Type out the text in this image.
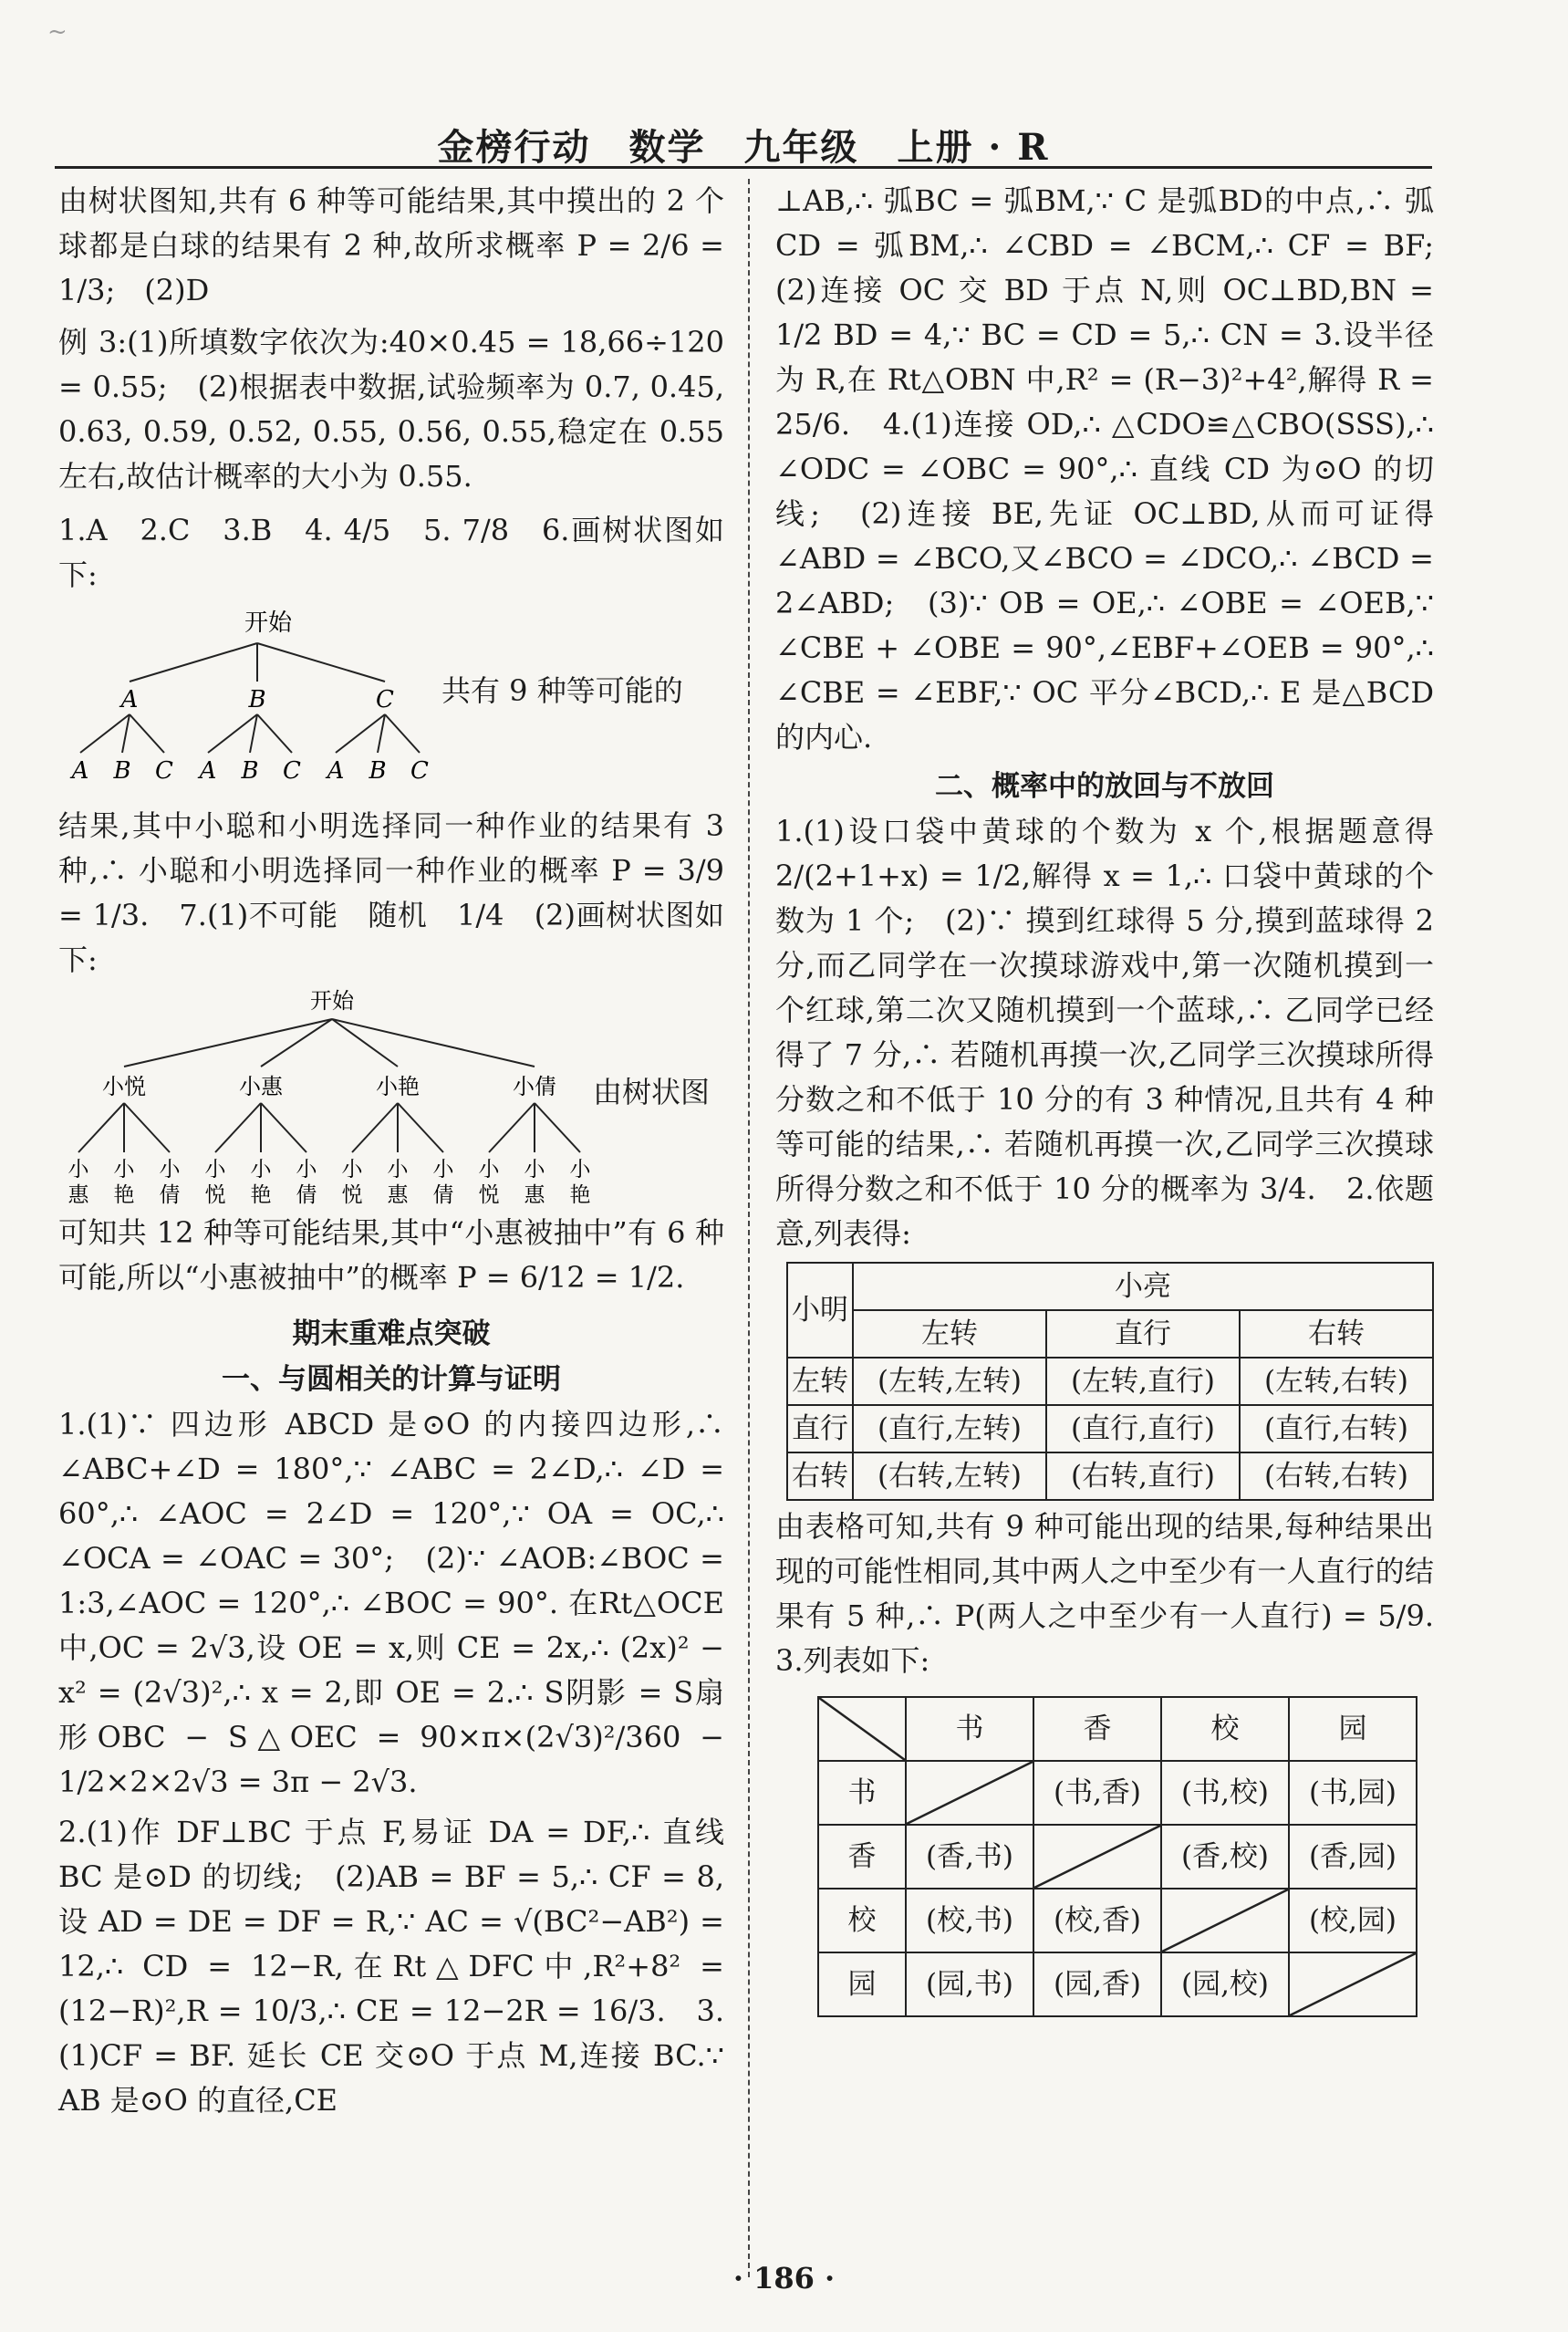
~
金榜行动　数学　九年级　上册 · R
由树状图知,共有 6 种等可能结果,其中摸出的 2 个球都是白球的结果有 2 种,故所求概率 P = 2/6 = 1/3;　(2)D
例 3:(1)所填数字依次为:40×0.45 = 18,66÷120 = 0.55;　(2)根据表中数据,试验频率为 0.7, 0.45, 0.63, 0.59, 0.52, 0.55, 0.56, 0.55,稳定在 0.55左右,故估计概率的大小为 0.55.
1.A　2.C　3.B　4. 4/5　5. 7/8　6.画树状图如下:
开始
A	B	C
A B C A B C A B C
共有 9 种等可能的
结果,其中小聪和小明选择同一种作业的结果有 3 种,∴ 小聪和小明选择同一种作业的概率 P = 3/9 = 1/3.　7.(1)不可能　随机　1/4　(2)画树状图如下:
开始
小悦	小惠	小艳	小倩
小惠
小艳
小倩
小悦
小艳
小倩
小悦
小惠
小倩
小悦
小惠
小艳
由树状图
可知共 12 种等可能结果,其中“小惠被抽中”有 6 种可能,所以“小惠被抽中”的概率 P = 6/12 = 1/2.
期末重难点突破
一、与圆相关的计算与证明
1.(1)∵ 四边形 ABCD 是⊙O 的内接四边形,∴ ∠ABC+∠D = 180°,∵ ∠ABC = 2∠D,∴ ∠D = 60°,∴ ∠AOC = 2∠D = 120°,∵ OA = OC,∴ ∠OCA = ∠OAC = 30°;　(2)∵ ∠AOB:∠BOC = 1:3,∠AOC = 120°,∴ ∠BOC = 90°. 在Rt△OCE中,OC = 2√3,设 OE = x,则 CE = 2x,∴ (2x)² − x² = (2√3)²,∴ x = 2,即 OE = 2.∴ S阴影 = S扇形OBC − S△OEC = 90×π×(2√3)²/360 − 1/2×2×2√3 = 3π − 2√3.
2.(1)作 DF⊥BC 于点 F,易证 DA = DF,∴ 直线 BC 是⊙D 的切线;　(2)AB = BF = 5,∴ CF = 8,设 AD = DE = DF = R,∵ AC = √(BC²−AB²) = 12,∴ CD = 12−R,在Rt△DFC中,R²+8² = (12−R)²,R = 10/3,∴ CE = 12−2R = 16/3.　3.(1)CF = BF. 延长 CE 交⊙O 于点 M,连接 BC.∵ AB 是⊙O 的直径,CE
⊥AB,∴ 弧BC = 弧BM,∵ C 是弧BD的中点,∴ 弧CD = 弧BM,∴ ∠CBD = ∠BCM,∴ CF = BF;　(2)连接 OC 交 BD 于点 N,则 OC⊥BD,BN = 1/2 BD = 4,∵ BC = CD = 5,∴ CN = 3.设半径为 R,在 Rt△OBN 中,R² = (R−3)²+4²,解得 R = 25/6.　4.(1)连接 OD,∴ △CDO≌△CBO(SSS),∴ ∠ODC = ∠OBC = 90°,∴ 直线 CD 为⊙O 的切线;　(2)连接 BE,先证 OC⊥BD,从而可证得∠ABD = ∠BCO,又∠BCO = ∠DCO,∴ ∠BCD = 2∠ABD;　(3)∵ OB = OE,∴ ∠OBE = ∠OEB,∵ ∠CBE + ∠OBE = 90°,∠EBF+∠OEB = 90°,∴ ∠CBE = ∠EBF,∵ OC 平分∠BCD,∴ E 是△BCD 的内心.
二、概率中的放回与不放回
1.(1)设口袋中黄球的个数为 x 个,根据题意得 2/(2+1+x) = 1/2,解得 x = 1,∴ 口袋中黄球的个数为 1 个;　(2)∵ 摸到红球得 5 分,摸到蓝球得 2 分,而乙同学在一次摸球游戏中,第一次随机摸到一个红球,第二次又随机摸到一个蓝球,∴ 乙同学已经得了 7 分,∴ 若随机再摸一次,乙同学三次摸球所得分数之和不低于 10 分的有 3 种情况,且共有 4 种等可能的结果,∴ 若随机再摸一次,乙同学三次摸球所得分数之和不低于 10 分的概率为 3/4.　2.依题意,列表得:
小明	小亮		
	左转	直行	右转
左转	(左转,左转)	(左转,直行)	(左转,右转)
直行	(直行,左转)	(直行,直行)	(直行,右转)
右转	(右转,左转)	(右转,直行)	(右转,右转)
由表格可知,共有 9 种可能出现的结果,每种结果出现的可能性相同,其中两人之中至少有一人直行的结果有 5 种,∴ P(两人之中至少有一人直行) = 5/9.　3.列表如下:
	书	香	校	园
书		(书,香)	(书,校)	(书,园)
香	(香,书)		(香,校)	(香,园)
校	(校,书)	(校,香)		(校,园)
园	(园,书)	(园,香)	(园,校)	
· 186 ·
